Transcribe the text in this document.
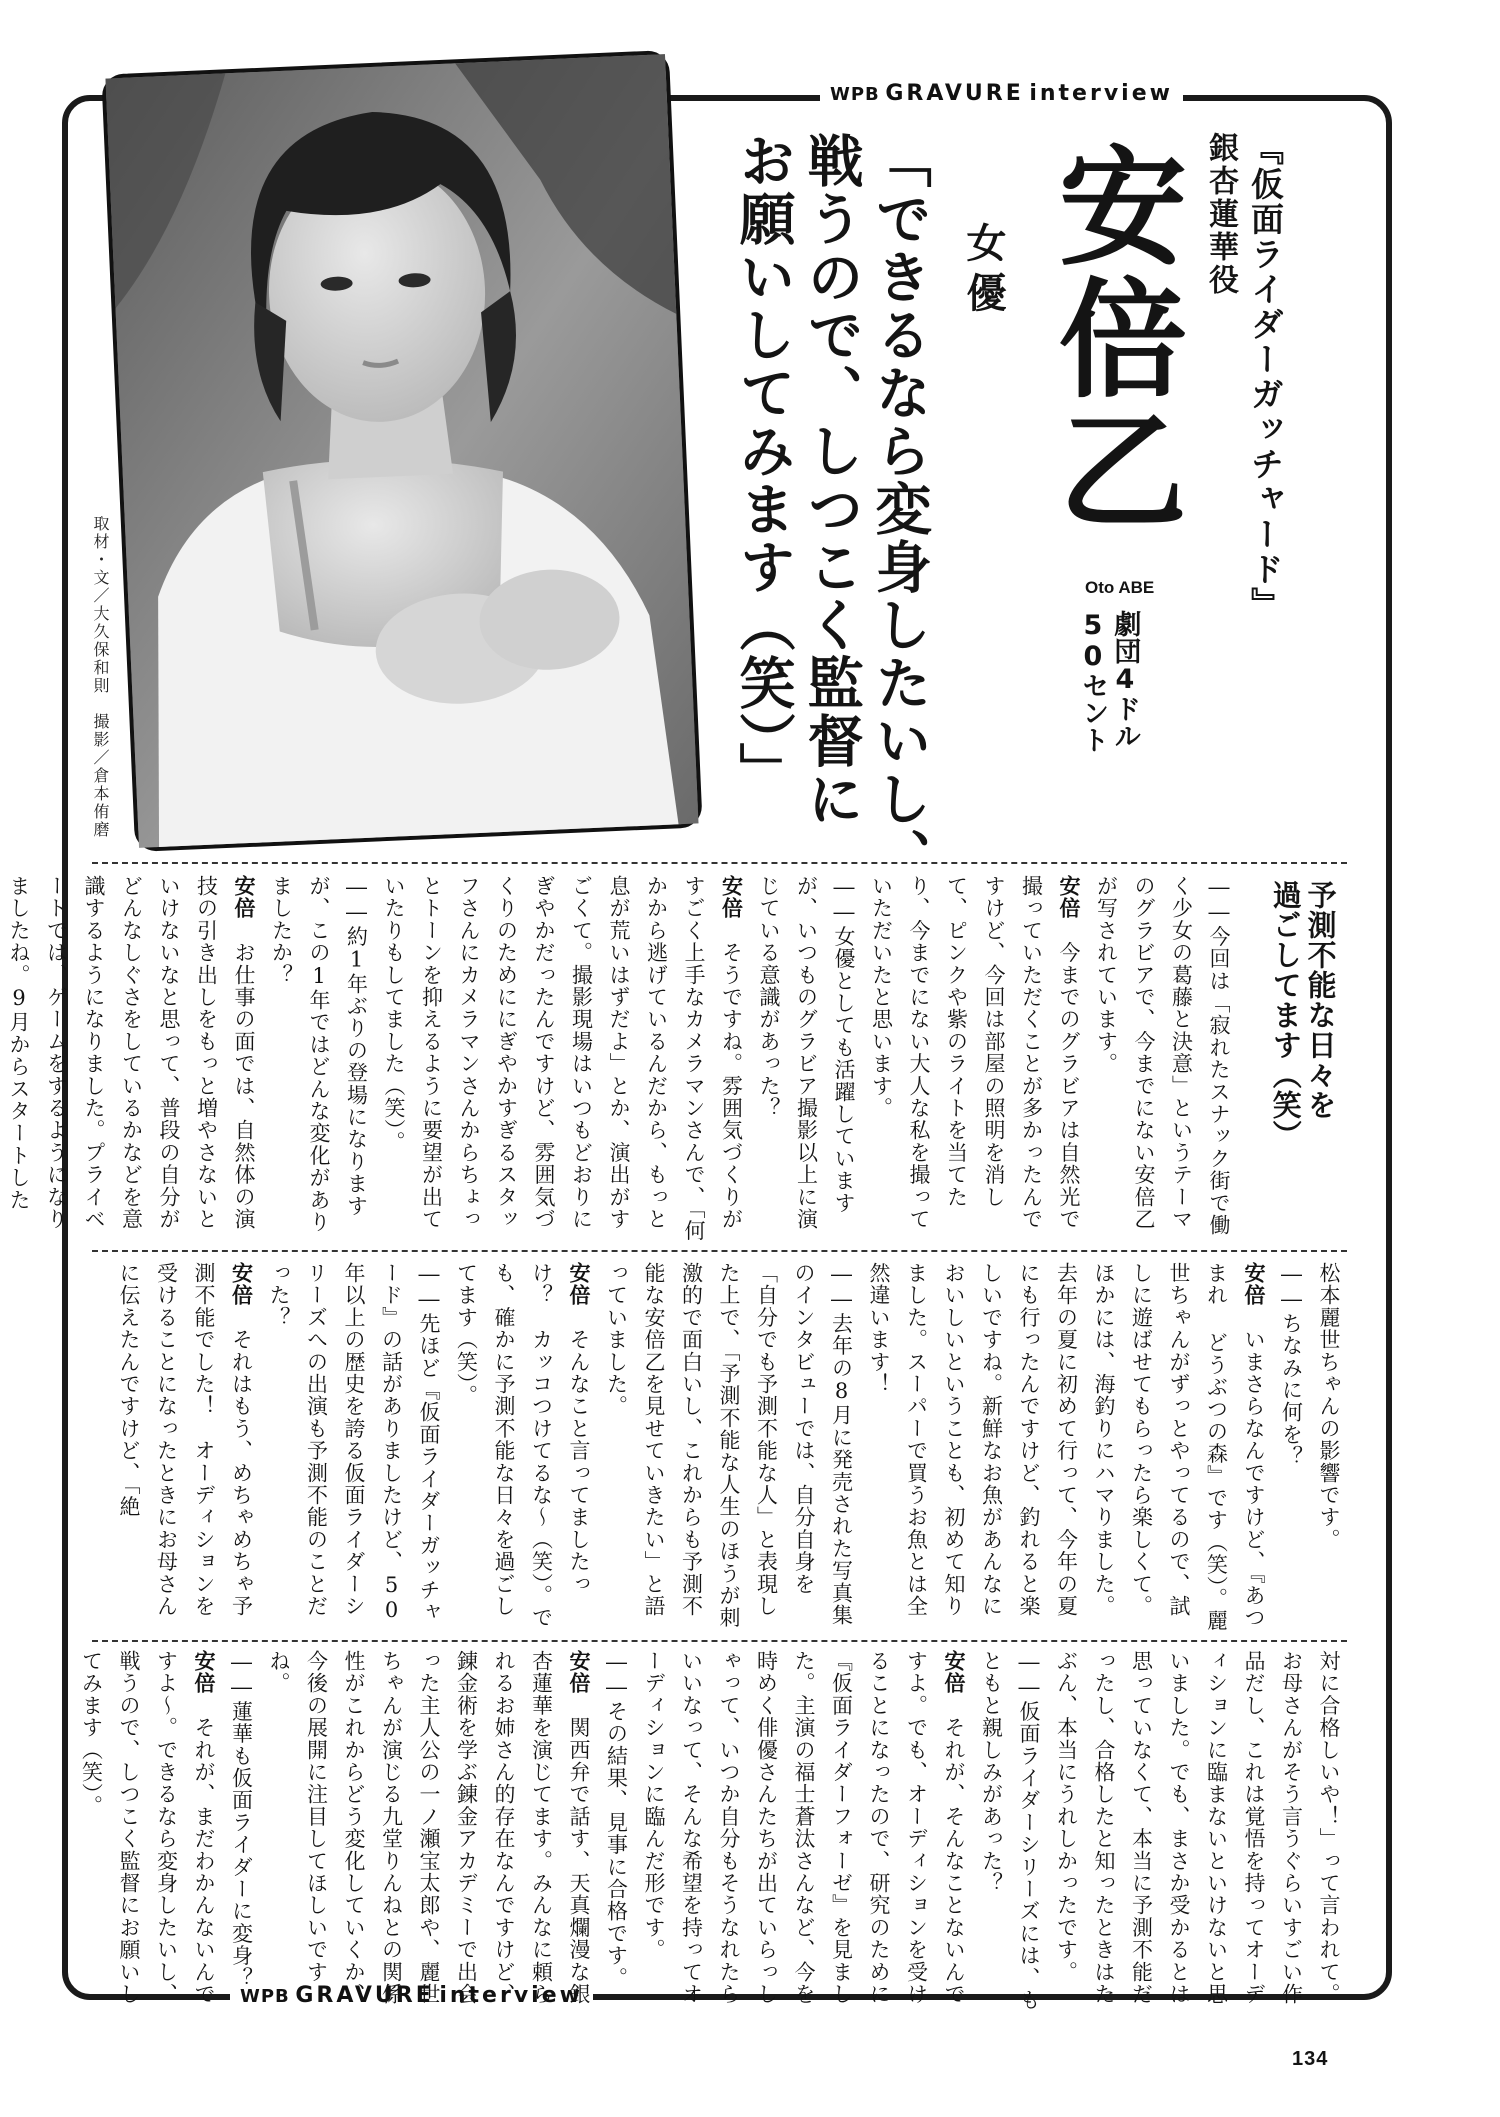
WPB GRAVURE interview
WPB GRAVURE interview
取材・文／大久保和則　撮影／倉本侑磨
『仮面ライダーガッチャード』
銀杏蓮華役
安倍乙
Oto ABE
劇団4ドル
50セント
女優
「できるなら変身したいし、
戦うので、しつこく監督に
お願いしてみます（笑）」
予測不能な日々を
過ごしてます（笑）
――今回は「寂れたスナック街で働く少女の葛藤と決意」というテーマのグラビアで、今までにない安倍乙が写されています。
安倍　今までのグラビアは自然光で撮っていただくことが多かったんですけど、今回は部屋の照明を消して、ピンクや紫のライトを当てたり、今までにない大人な私を撮っていただいたと思います。
――女優としても活躍していますが、いつものグラビア撮影以上に演じている意識があった？
安倍　そうですね。雰囲気づくりがすごく上手なカメラマンさんで、「何かから逃げているんだから、もっと息が荒いはずだよ」とか、演出がすごくて。撮影現場はいつもどおりにぎやかだったんですけど、雰囲気づくりのためににぎやかすぎるスタッフさんにカメラマンさんからちょっとトーンを抑えるように要望が出ていたりもしてました（笑）。
――約1年ぶりの登場になりますが、この1年ではどんな変化がありましたか？
安倍　お仕事の面では、自然体の演技の引き出しをもっと増やさないといけないなと思って、普段の自分がどんなしぐさをしているかなどを意識するようになりました。プライベートでは、ゲームをするようになりましたね。9月からスタートした
松本麗世ちゃんの影響です。
――ちなみに何を？
安倍　いまさらなんですけど、『あつまれ どうぶつの森』です（笑）。麗世ちゃんがずっとやってるので、試しに遊ばせてもらったら楽しくて。ほかには、海釣りにハマりました。去年の夏に初めて行って、今年の夏にも行ったんですけど、釣れると楽しいですね。新鮮なお魚があんなにおいしいということも、初めて知りました。スーパーで買うお魚とは全然違います！
――去年の8月に発売された写真集のインタビューでは、自分自身を「自分でも予測不能な人」と表現した上で、「予測不能な人生のほうが刺激的で面白いし、これからも予測不能な安倍乙を見せていきたい」と語っていました。
安倍　そんなこと言ってましたっけ？　カッコつけてるな～（笑）。でも、確かに予測不能な日々を過ごしてます（笑）。
――先ほど『仮面ライダーガッチャード』の話がありましたけど、50年以上の歴史を誇る仮面ライダーシリーズへの出演も予測不能のことだった？
安倍　それはもう、めちゃめちゃ予測不能でした！　オーディションを受けることになったときにお母さんに伝えたんですけど、「絶
対に合格しいや！」って言われて。お母さんがそう言うぐらいすごい作品だし、これは覚悟を持ってオーディションに臨まないといけないと思いました。でも、まさか受かるとは思っていなくて、本当に予測不能だったし、合格したと知ったときはたぶん、本当にうれしかったです。
――仮面ライダーシリーズには、もともと親しみがあった？
安倍　それが、そんなことないんですよ。でも、オーディションを受けることになったので、研究のために『仮面ライダーフォーゼ』を見ました。主演の福士蒼汰さんなど、今を時めく俳優さんたちが出ていらっしゃって、いつか自分もそうなれたらいいなって、そんな希望を持ってオーディションに臨んだ形です。
――その結果、見事に合格です。
安倍　関西弁で話す、天真爛漫な銀杏蓮華を演じてます。みんなに頼られるお姉さん的存在なんですけど、錬金術を学ぶ錬金アカデミーで出会った主人公の一ノ瀬宝太郎や、麗世ちゃんが演じる九堂りんねとの関係性がこれからどう変化していくか、今後の展開に注目してほしいですね。
――蓮華も仮面ライダーに変身？
安倍　それが、まだわかんないんですよ～。できるなら変身したいし、戦うので、しつこく監督にお願いしてみます（笑）。
134
